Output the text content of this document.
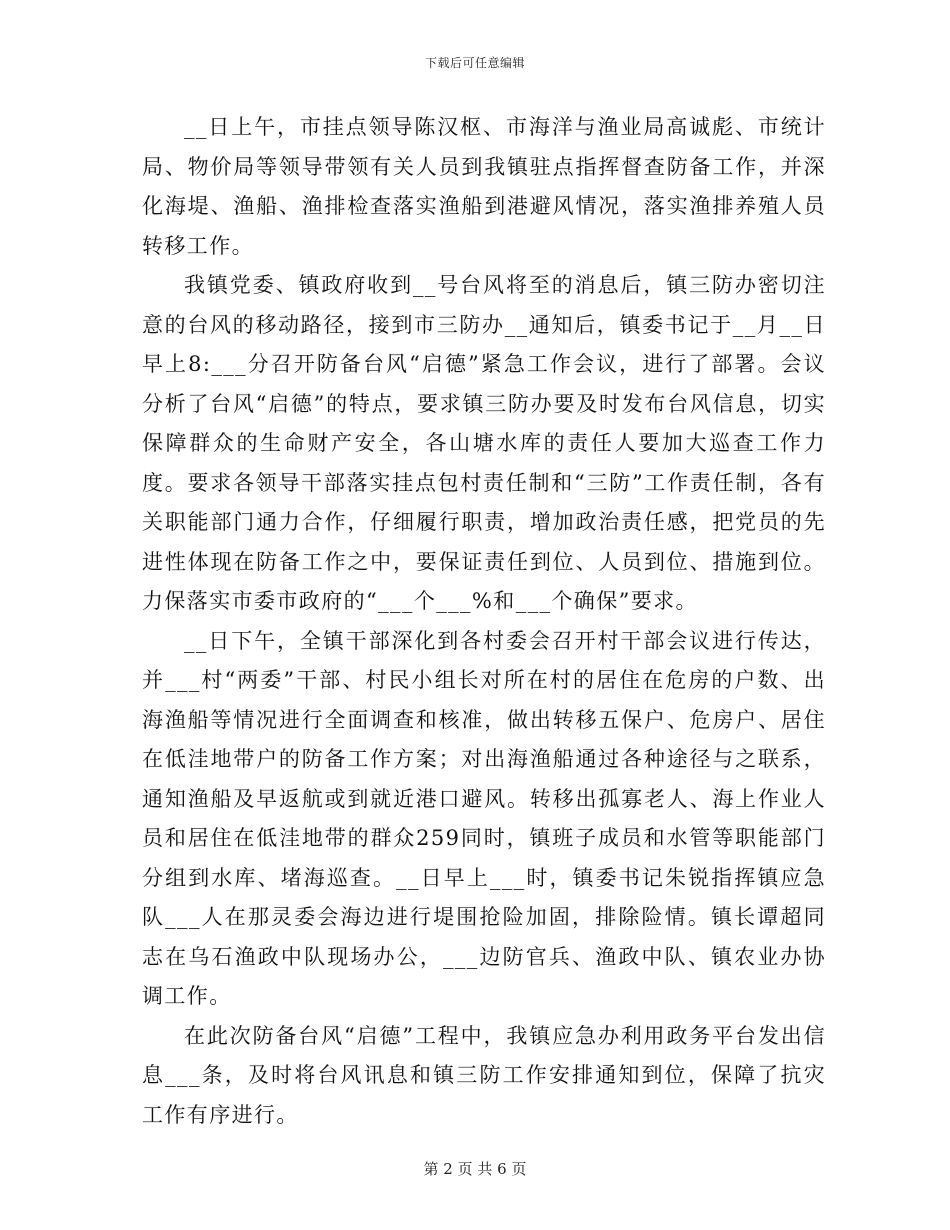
下载后可任意编辑

__日上午，市挂点领导陈汉枢、市海洋与渔业局高诚彪、市统计局、物价局等领导带领有关人员到我镇驻点指挥督查防备工作，并深化海堤、渔船、渔排检查落实渔船到港避风情况，落实渔排养殖人员转移工作。

我镇党委、镇政府收到__号台风将至的消息后，镇三防办密切注意的台风的移动路径，接到市三防办__通知后，镇委书记于__月__日早上8:___分召开防备台风“启德”紧急工作会议，进行了部署。会议分析了台风“启德”的特点，要求镇三防办要及时发布台风信息，切实保障群众的生命财产安全，各山塘水库的责任人要加大巡查工作力度。要求各领导干部落实挂点包村责任制和“三防”工作责任制，各有关职能部门通力合作，仔细履行职责，增加政治责任感，把党员的先进性体现在防备工作之中，要保证责任到位、人员到位、措施到位。力保落实市委市政府的“___个___%和___个确保”要求。

__日下午，全镇干部深化到各村委会召开村干部会议进行传达，并___村“两委”干部、村民小组长对所在村的居住在危房的户数、出海渔船等情况进行全面调查和核准，做出转移五保户、危房户、居住在低洼地带户的防备工作方案；对出海渔船通过各种途径与之联系，通知渔船及早返航或到就近港口避风。转移出孤寡老人、海上作业人员和居住在低洼地带的群众259同时，镇班子成员和水管等职能部门分组到水库、堵海巡查。__日早上___时，镇委书记朱锐指挥镇应急队___人在那灵委会海边进行堤围抢险加固，排除险情。镇长谭超同志在乌石渔政中队现场办公，___边防官兵、渔政中队、镇农业办协调工作。

在此次防备台风“启德”工程中，我镇应急办利用政务平台发出信息___条，及时将台风讯息和镇三防工作安排通知到位，保障了抗灾工作有序进行。

第 2 页 共 6 页
